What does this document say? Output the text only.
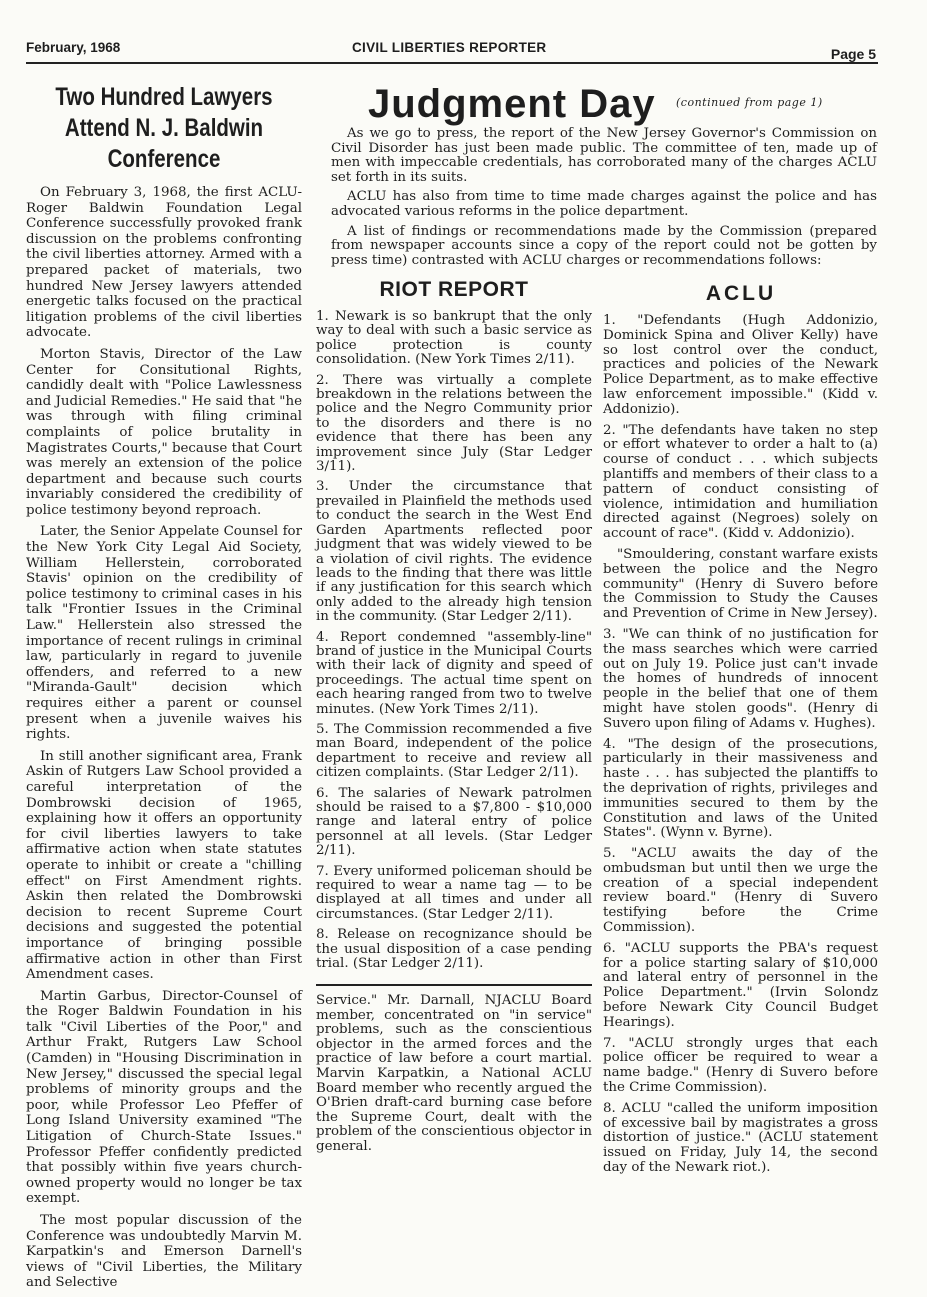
February, 1968	CIVIL LIBERTIES REPORTER	Page 5
Two Hundred Lawyers Attend N. J. Baldwin Conference

On February 3, 1968, the first ACLU-Roger Baldwin Foundation Legal Conference successfully provoked frank discussion on the problems confronting the civil liberties attorney. Armed with a prepared packet of materials, two hundred New Jersey lawyers attended energetic talks focused on the practical litigation problems of the civil liberties advocate.

Morton Stavis, Director of the Law Center for Consitutional Rights, candidly dealt with "Police Lawlessness and Judicial Remedies." He said that "he was through with filing criminal complaints of police brutality in Magistrates Courts," because that Court was merely an extension of the police department and because such courts invariably considered the credibility of police testimony beyond reproach.

Later, the Senior Appelate Counsel for the New York City Legal Aid Society, William Hellerstein, corroborated Stavis' opinion on the credibility of police testimony to criminal cases in his talk "Frontier Issues in the Criminal Law." Hellerstein also stressed the importance of recent rulings in criminal law, particularly in regard to juvenile offenders, and referred to a new "Miranda-Gault" decision which requires either a parent or counsel present when a juvenile waives his rights.

In still another significant area, Frank Askin of Rutgers Law School provided a careful interpretation of the Dombrowski decision of 1965, explaining how it offers an opportunity for civil liberties lawyers to take affirmative action when state statutes operate to inhibit or create a "chilling effect" on First Amendment rights. Askin then related the Dombrowski decision to recent Supreme Court decisions and suggested the potential importance of bringing possible affirmative action in other than First Amendment cases.

Martin Garbus, Director-Counsel of the Roger Baldwin Foundation in his talk "Civil Liberties of the Poor," and Arthur Frakt, Rutgers Law School (Camden) in "Housing Discrimination in New Jersey," discussed the special legal problems of minority groups and the poor, while Professor Leo Pfeffer of Long Island University examined "The Litigation of Church-State Issues." Professor Pfeffer confidently predicted that possibly within five years church-owned property would no longer be tax exempt.

The most popular discussion of the Conference was undoubtedly Marvin M. Karpatkin's and Emerson Darnell's views of "Civil Liberties, the Military and Selective

Judgment Day (continued from page 1)

As we go to press, the report of the New Jersey Governor's Commission on Civil Disorder has just been made public. The committee of ten, made up of men with impeccable credentials, has corroborated many of the charges ACLU set forth in its suits.

ACLU has also from time to time made charges against the police and has advocated various reforms in the police department.

A list of findings or recommendations made by the Commission (prepared from newspaper accounts since a copy of the report could not be gotten by press time) contrasted with ACLU charges or recommendations follows:

RIOT REPORT

1. Newark is so bankrupt that the only way to deal with such a basic service as police protection is county consolidation. (New York Times 2/11).

2. There was virtually a complete breakdown in the relations between the police and the Negro Community prior to the disorders and there is no evidence that there has been any improvement since July (Star Ledger 3/11).

3. Under the circumstance that prevailed in Plainfield the methods used to conduct the search in the West End Garden Apartments reflected poor judgment that was widely viewed to be a violation of civil rights. The evidence leads to the finding that there was little if any justification for this search which only added to the already high tension in the community. (Star Ledger 2/11).

4. Report condemned "assembly-line" brand of justice in the Municipal Courts with their lack of dignity and speed of proceedings. The actual time spent on each hearing ranged from two to twelve minutes. (New York Times 2/11).

5. The Commission recommended a five man Board, independent of the police department to receive and review all citizen complaints. (Star Ledger 2/11).

6. The salaries of Newark patrolmen should be raised to a $7,800 - $10,000 range and lateral entry of police personnel at all levels. (Star Ledger 2/11).

7. Every uniformed policeman should be required to wear a name tag — to be displayed at all times and under all circumstances. (Star Ledger 2/11).

8. Release on recognizance should be the usual disposition of a case pending trial. (Star Ledger 2/11).

Service." Mr. Darnall, NJACLU Board member, concentrated on "in service" problems, such as the conscientious objector in the armed forces and the practice of law before a court martial. Marvin Karpatkin, a National ACLU Board member who recently argued the O'Brien draft-card burning case before the Supreme Court, dealt with the problem of the conscientious objector in general.

ACLU

1. "Defendants (Hugh Addonizio, Dominick Spina and Oliver Kelly) have so lost control over the conduct, practices and policies of the Newark Police Department, as to make effective law enforcement impossible." (Kidd v. Addonizio).

2. "The defendants have taken no step or effort whatever to order a halt to (a) course of conduct . . . which subjects plantiffs and members of their class to a pattern of conduct consisting of violence, intimidation and humiliation directed against (Negroes) solely on account of race". (Kidd v. Addonizio).

"Smouldering, constant warfare exists between the police and the Negro community" (Henry di Suvero before the Commission to Study the Causes and Prevention of Crime in New Jersey).

3. "We can think of no justification for the mass searches which were carried out on July 19. Police just can't invade the homes of hundreds of innocent people in the belief that one of them might have stolen goods". (Henry di Suvero upon filing of Adams v. Hughes).

4. "The design of the prosecutions, particularly in their massiveness and haste . . . has subjected the plantiffs to the deprivation of rights, privileges and immunities secured to them by the Constitution and laws of the United States". (Wynn v. Byrne).

5. "ACLU awaits the day of the ombudsman but until then we urge the creation of a special independent review board." (Henry di Suvero testifying before the Crime Commission).

6. "ACLU supports the PBA's request for a police starting salary of $10,000 and lateral entry of personnel in the Police Department." (Irvin Solondz before Newark City Council Budget Hearings).

7. "ACLU strongly urges that each police officer be required to wear a name badge." (Henry di Suvero before the Crime Commission).

8. ACLU "called the uniform imposition of excessive bail by magistrates a gross distortion of justice." (ACLU statement issued on Friday, July 14, the second day of the Newark riot.).
